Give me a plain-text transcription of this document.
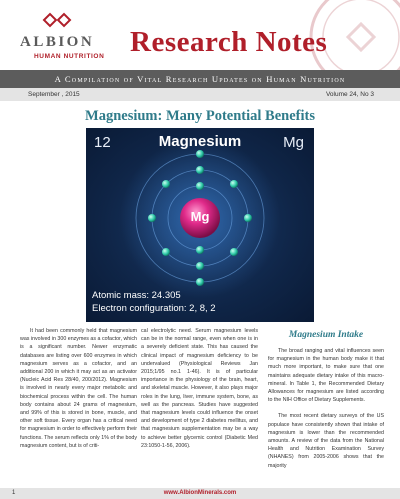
ALBION
HUMAN NUTRITION Research Notes
A Compilation of Vital Research Updates on Human Nutrition
September , 2015	Volume 24, No 3
Magnesium: Many Potential Benefits
12	Magnesium	Mg
Mg
Atomic mass: 24.305
Electron configuration: 2, 8, 2

It had been commonly held that magnesium was involved in 300 enzymes as a cofactor, which is a significant number. Newer enzymatic databases are listing over 600 enzymes in which magnesium serves as a cofactor, and an additional 200 in which it may act as an activator (Nucleic Acid Res 28/40, 200/2012). Magnesium is involved in nearly every major metabolic and biochemical process within the cell. The human body contains about 24 grams of magnesium, and 99% of this is stored in bone, muscle, and other soft tissue. Every organ has a critical need for magnesium in order to effectively perform their functions. The serum reflects only 1% of the body magnesium content, but is of criti-

cal electrolytic need. Serum magnesium levels can be in the normal range, even when one is in a severely deficient state. This has caused the clinical impact of magnesium deficiency to be undervalued (Physiological Reviews Jan 2015;1/95 no.1 1-46). It is of particular importance in the physiology of the brain, heart, and skeletal muscle. However, it also plays major roles in the lung, liver, immune system, bone, as well as the pancreas. Studies have suggested that magnesium levels could influence the onset and development of type 2 diabetes mellitus, and that magnesium supplementation may be a way to achieve better glycemic control (Diabetic Med 23:1050-1-56, 2006).

Magnesium Intake

The broad ranging and vital influences seen for magnesium in the human body make it that much more important, to make sure that one maintains adequate dietary intake of this macro-mineral. In Table 1, the Recommended Dietary Allowances for magnesium are listed according to the NIH Office of Dietary Supplements.

The most recent dietary surveys of the US populace have consistently shown that intake of magnesium is lower than the recommended amounts. A review of the data from the National Health and Nutrition Examination Survey (NHANES) from 2005-2006 shows that the majority

1	www.AlbionMinerals.com
